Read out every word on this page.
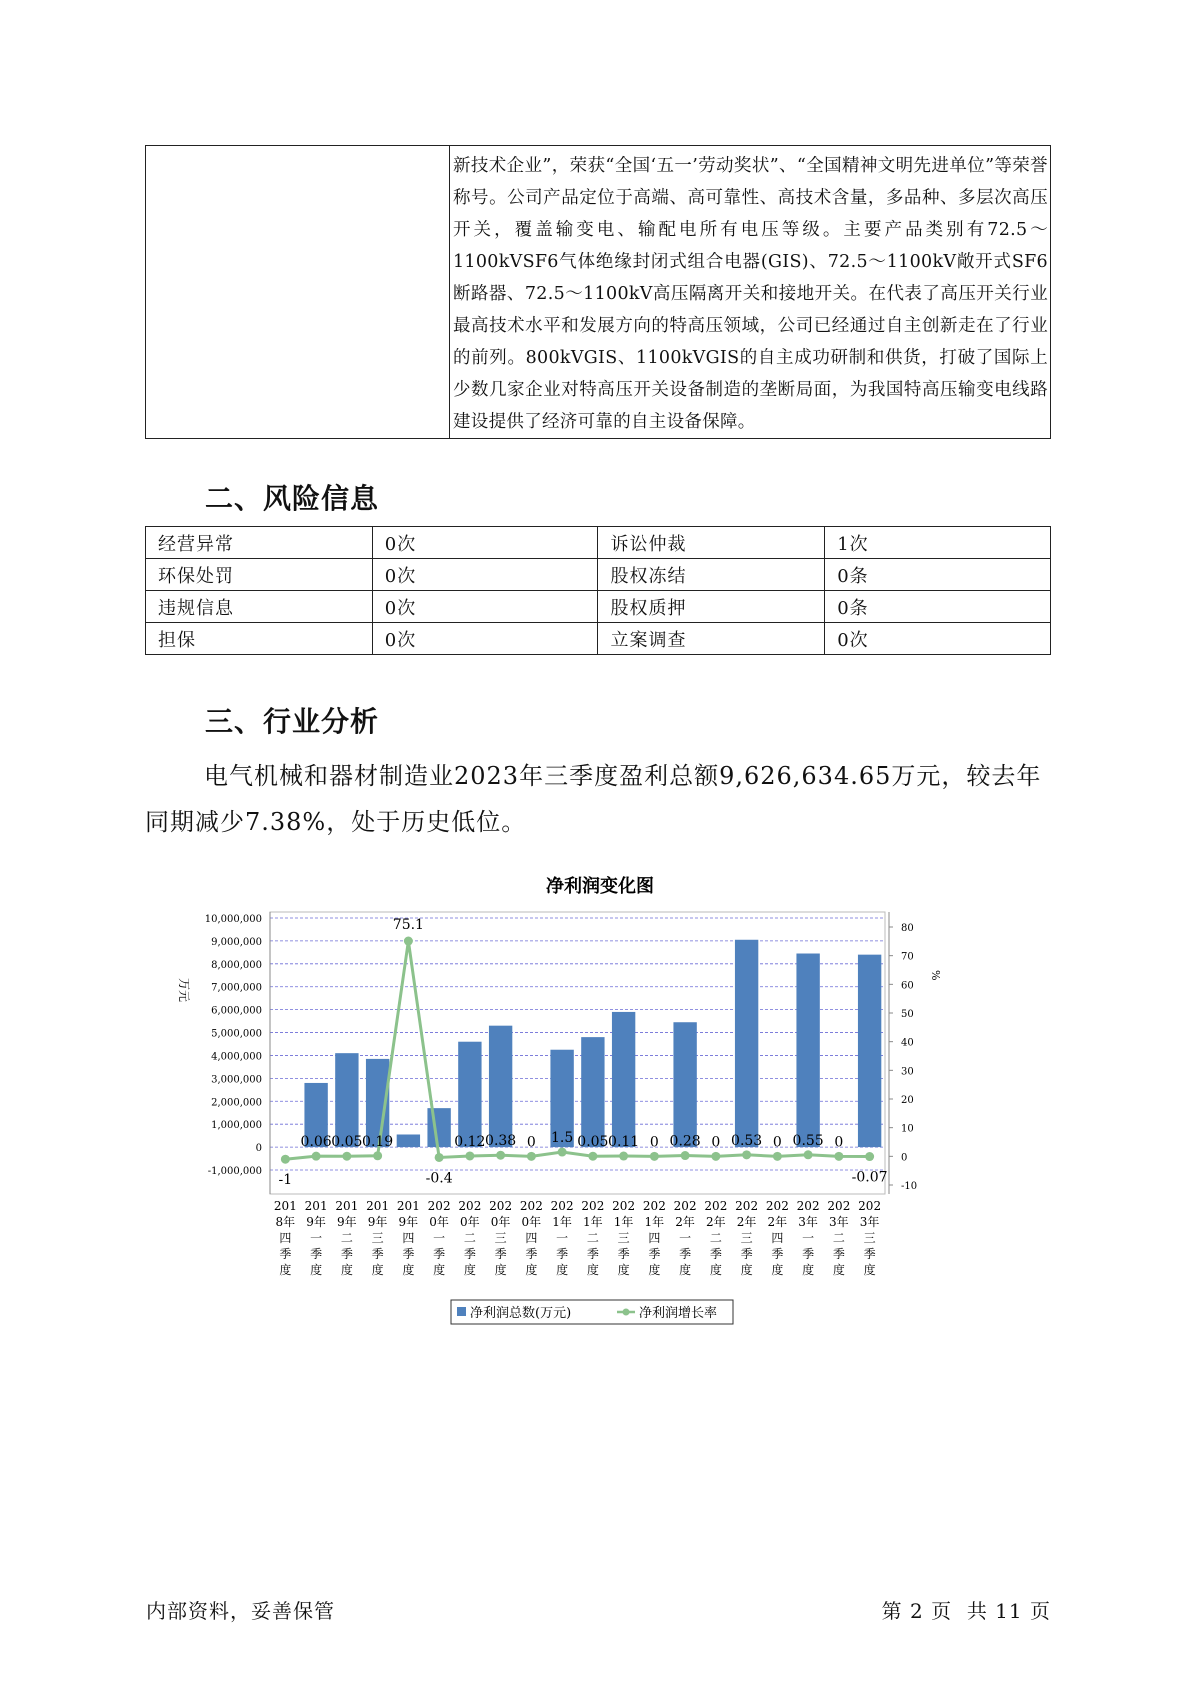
新技术企业”，荣获“全国‘五一’劳动奖状”、“全国精神文明先进单位”等荣誉称号。公司产品定位于高端、高可靠性、高技术含量，多品种、多层次高压开关，覆盖输变电、输配电所有电压等级。主要产品类别有72.5～1100kVSF6气体绝缘封闭式组合电器(GIS)、72.5～1100kV敞开式SF6断路器、72.5～1100kV高压隔离开关和接地开关。在代表了高压开关行业最高技术水平和发展方向的特高压领域，公司已经通过自主创新走在了行业的前列。800kVGIS、1100kVGIS的自主成功研制和供货，打破了国际上少数几家企业对特高压开关设备制造的垄断局面，为我国特高压输变电线路建设提供了经济可靠的自主设备保障。
二、风险信息
经营异常	0次	诉讼仲裁	1次
环保处罚	0次	股权冻结	0条
违规信息	0次	股权质押	0条
担保	0次	立案调查	0次
三、行业分析
电气机械和器材制造业2023年三季度盈利总额9,626,634.65万元，较去年同期减少7.38%，处于历史低位。
净利润变化图
-1
0.06 0.05 0.19
75.1
-0.4
0.12 0.38 0 1.5 0.05 0.11 0 0.28 0 0.53 0 0.55 0
-0.07
-1,000,000
0
1,000,000
2,000,000
3,000,000
4,000,000
5,000,000
6,000,000
7,000,000
8,000,000
9,000,000
10,000,000
-10
0
10
20
30
40
50
60
70
80
万元
%
201
8年
四
季
度
201
9年
一
季
度
201
9年
二
季
度
201
9年
三
季
度
201
9年
四
季
度
202
0年
一
季
度
202
0年
二
季
度
202
0年
三
季
度
202
0年
四
季
度
202
1年
一
季
度
202
1年
二
季
度
202
1年
三
季
度
202
1年
四
季
度
202
2年
一
季
度
202
2年
二
季
度
202
2年
三
季
度
202
2年
四
季
度
202
3年
一
季
度
202
3年
二
季
度
202
3年
三
季
度
净利润总数(万元)	净利润增长率
内部资料，妥善保管	第 2 页  共 11 页
